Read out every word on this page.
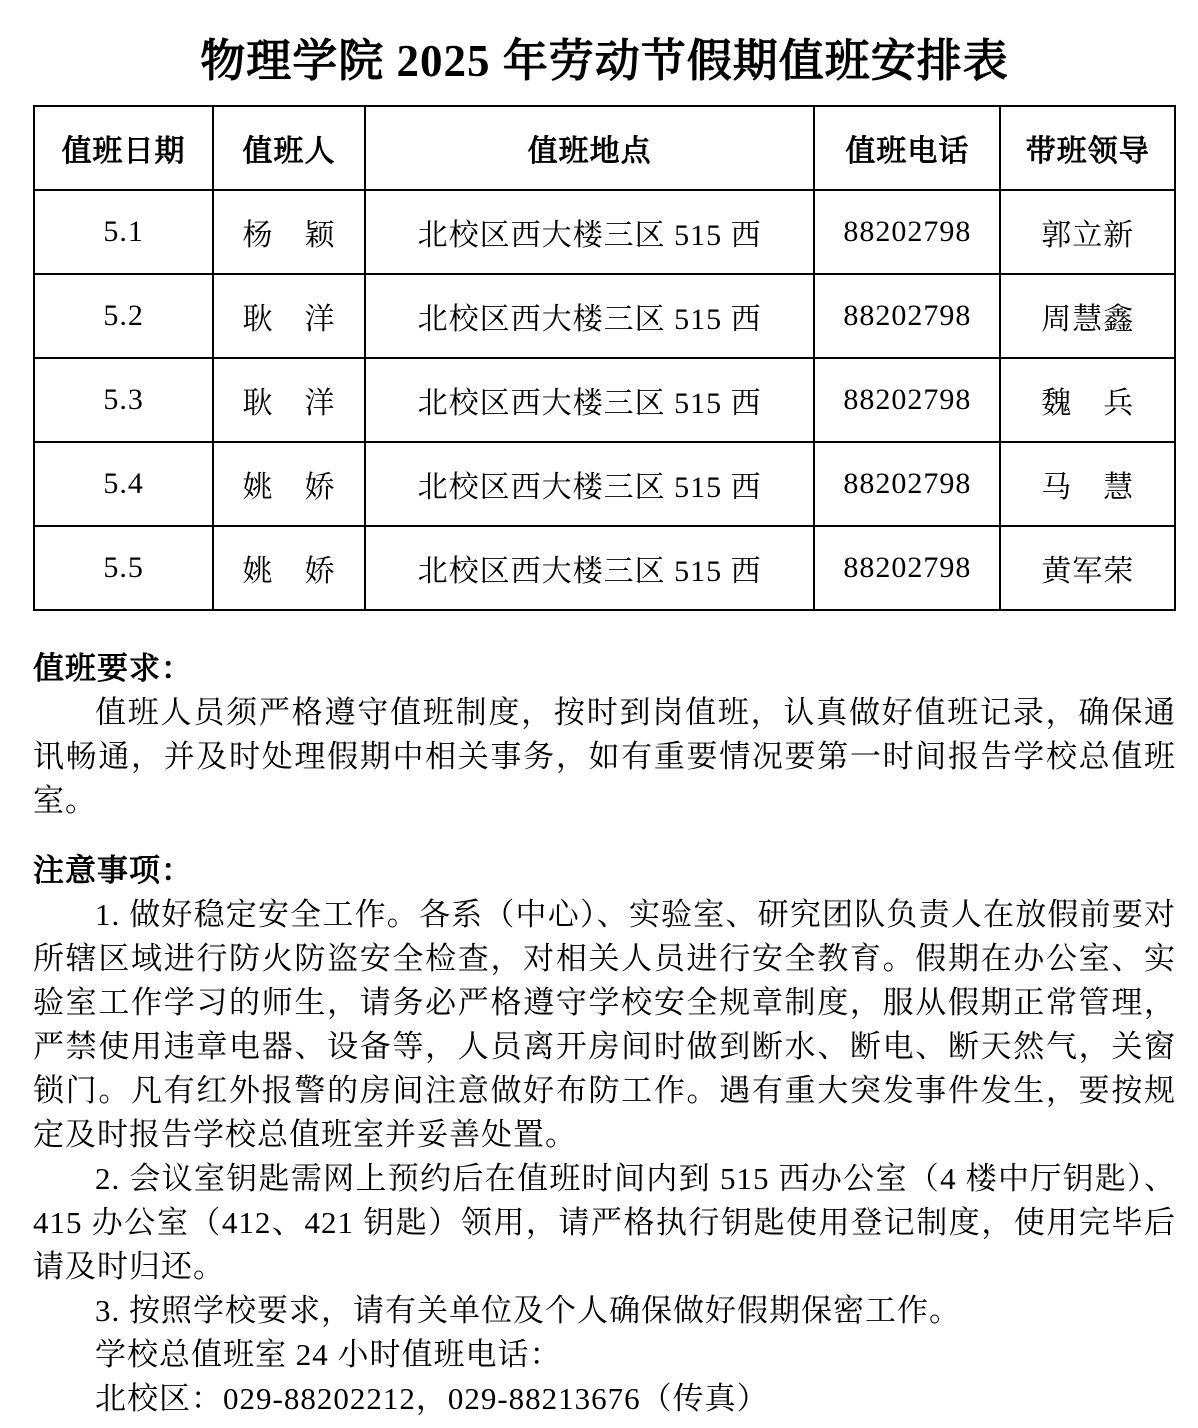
物理学院 2025 年劳动节假期值班安排表
值班日期	值班人	值班地点	值班电话	带班领导
5.1	杨　颖	北校区西大楼三区 515 西	88202798	郭立新
5.2	耿　洋	北校区西大楼三区 515 西	88202798	周慧鑫
5.3	耿　洋	北校区西大楼三区 515 西	88202798	魏　兵
5.4	姚　娇	北校区西大楼三区 515 西	88202798	马　慧
5.5	姚　娇	北校区西大楼三区 515 西	88202798	黄军荣
值班要求：

值班人员须严格遵守值班制度，按时到岗值班，认真做好值班记录，确保通讯畅通，并及时处理假期中相关事务，如有重要情况要第一时间报告学校总值班室。

注意事项：

1. 做好稳定安全工作。各系（中心）、实验室、研究团队负责人在放假前要对所辖区域进行防火防盗安全检查，对相关人员进行安全教育。假期在办公室、实验室工作学习的师生，请务必严格遵守学校安全规章制度，服从假期正常管理，严禁使用违章电器、设备等，人员离开房间时做到断水、断电、断天然气，关窗锁门。凡有红外报警的房间注意做好布防工作。遇有重大突发事件发生，要按规定及时报告学校总值班室并妥善处置。

2. 会议室钥匙需网上预约后在值班时间内到 515 西办公室（4 楼中厅钥匙）、415 办公室（412、421 钥匙）领用，请严格执行钥匙使用登记制度，使用完毕后请及时归还。

3. 按照学校要求，请有关单位及个人确保做好假期保密工作。

学校总值班室 24 小时值班电话：

北校区：029-88202212，029-88213676（传真）
